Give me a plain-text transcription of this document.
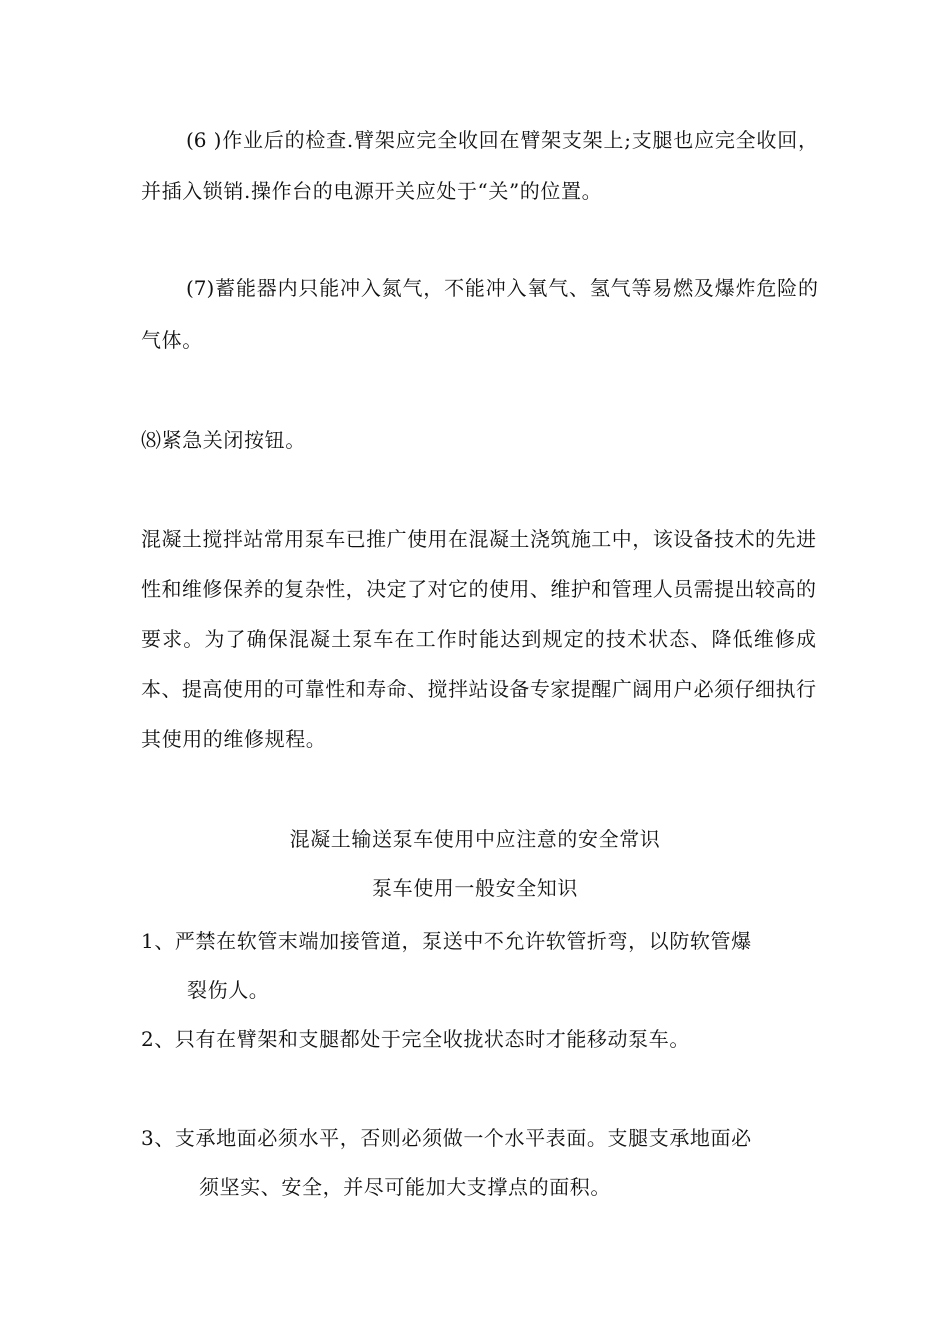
(6 )作业后的检查.臂架应完全收回在臂架支架上;支腿也应完全收回，

并插入锁销.操作台的电源开关应处于“关”的位置。

(7)蓄能器内只能冲入氮气，不能冲入氧气、氢气等易燃及爆炸危险的

气体。

⑻紧急关闭按钮。

混凝土搅拌站常用泵车已推广使用在混凝土浇筑施工中，该设备技术的先进

性和维修保养的复杂性，决定了对它的使用、维护和管理人员需提出较高的

要求。为了确保混凝土泵车在工作时能达到规定的技术状态、降低维修成

本、提高使用的可靠性和寿命、搅拌站设备专家提醒广阔用户必须仔细执行

其使用的维修规程。

混凝土输送泵车使用中应注意的安全常识
泵车使用一般安全知识

1、严禁在软管末端加接管道，泵送中不允许软管折弯，以防软管爆

裂伤人。

2、只有在臂架和支腿都处于完全收拢状态时才能移动泵车。

3、支承地面必须水平，否则必须做一个水平表面。支腿支承地面必

须坚实、安全，并尽可能加大支撑点的面积。
